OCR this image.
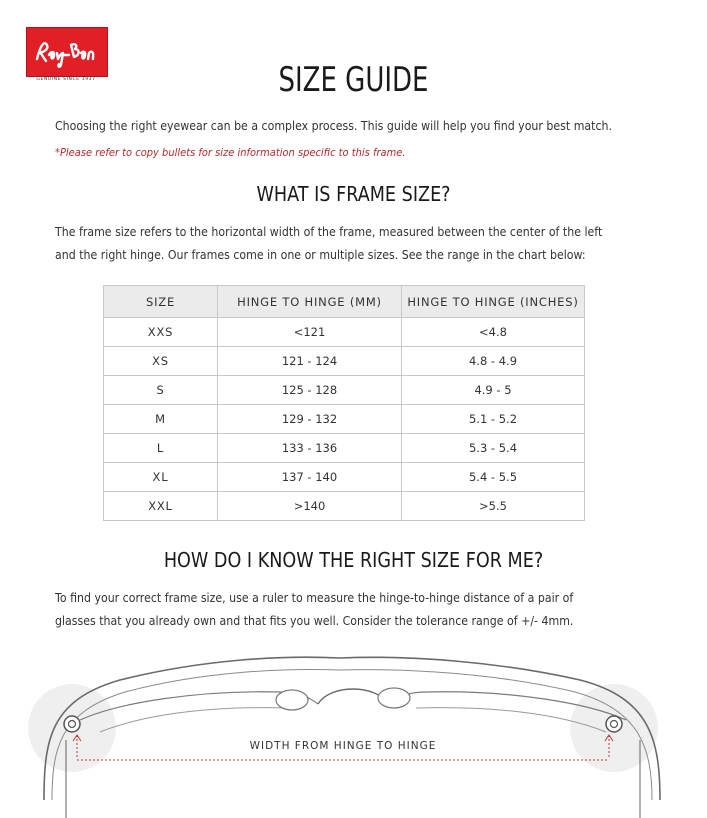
GENUINE SINCE 1937	SIZE GUIDE
Choosing the right eyewear can be a complex process. This guide will help you find your best match.
*Please refer to copy bullets for size information specific to this frame.
WHAT IS FRAME SIZE?
The frame size refers to the horizontal width of the frame, measured between the center of the left
and the right hinge. Our frames come in one or multiple sizes. See the range in the chart below:
SIZE	HINGE TO HINGE (MM)	HINGE TO HINGE (INCHES)
XXS	<121	<4.8
XS	121 - 124	4.8 - 4.9
S	125 - 128	4.9 - 5
M	129 - 132	5.1 - 5.2
L	133 - 136	5.3 - 5.4
XL	137 - 140	5.4 - 5.5
XXL	>140	>5.5
HOW DO I KNOW THE RIGHT SIZE FOR ME?
To find your correct frame size, use a ruler to measure the hinge-to-hinge distance of a pair of
glasses that you already own and that fits you well. Consider the tolerance range of +/- 4mm.
WIDTH FROM HINGE TO HINGE
